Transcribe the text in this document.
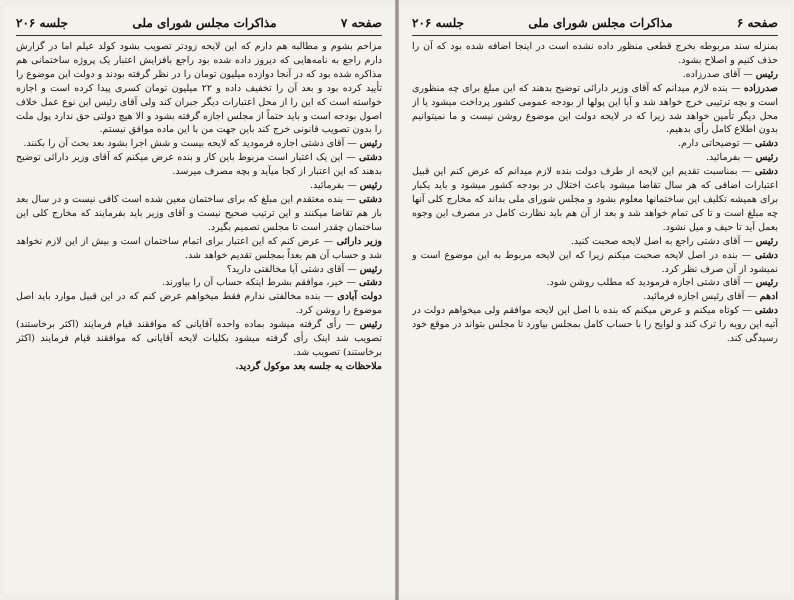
صفحه ۷
مذاکرات مجلس شورای ملی
جلسه ۲۰۶

مزاحم بشوم و مطالبه هم دارم که این لایحه زودتر تصویب بشود کولد عیلم اما در گزارش دارم راجع به نامه‌هایی که دیروز داده شده بود راجع بافزایش اعتبار یک پروژه ساختمانی هم مذاکره شده بود که در آنجا دوازده میلیون تومان را در نظر گرفته بودند و دولت این موضوع را تأیید کرده بود و بعد آن را تخفیف داده و ۲۲ میلیون تومان کسری پیدا کرده است و اجازه خواسته است که این را از محل اعتبارات دیگر جبران کند ولی آقای رئیس این نوع عمل خلاف اصول بودجه است و باید حتماً از مجلس اجازه گرفته بشود و الا هیچ دولتی حق ندارد پول ملت را بدون تصویب قانونی خرج کند باین جهت من با این ماده موافق نیستم.

رئیس — آقای دشتی اجازه فرمودید که لایحه بیست و شش اجرا بشود بعد بحث آن را بکنند.

دشتی — این یک اعتبار است مربوط باین کار و بنده عرض میکنم که آقای وزیر دارائی توضیح بدهند که این اعتبار از کجا میآید و بچه مصرف میرسد.

رئیس — بفرمائید.

دشتی — بنده معتقدم این مبلغ که برای ساختمان معین شده است کافی نیست و در سال بعد باز هم تقاضا میکنند و این ترتیب صحیح نیست و آقای وزیر باید بفرمایند که مخارج کلی این ساختمان چقدر است تا مجلس تصمیم بگیرد.

وزیر دارائی — عرض کنم که این اعتبار برای اتمام ساختمان است و بیش از این لازم نخواهد شد و حساب آن هم بعداً بمجلس تقدیم خواهد شد.

رئیس — آقای دشتی آیا مخالفتی دارید؟

دشتی — خیر، موافقم بشرط اینکه حساب آن را بیاورند.

دولت آبادی — بنده مخالفتی ندارم فقط میخواهم عرض کنم که در این قبیل موارد باید اصل موضوع را روشن کرد.

رئیس — رأی گرفته میشود بماده واحده آقایانی که موافقند قیام فرمایند (اکثر برخاستند) تصویب شد اینک رأی گرفته میشود بکلیات لایحه آقایانی که موافقند قیام فرمایند (اکثر برخاستند) تصویب شد.

ملاحظات به جلسه بعد موکول گردید.

صفحه ۶
مذاکرات مجلس شورای ملی
جلسه ۲۰۶

بمنزله سند مربوطه بخرج قطعی منظور داده نشده است در اینجا اضافه شده بود که آن را حذف کنیم و اصلاح بشود.

رئیس — آقای صدرزاده.

صدرزاده — بنده لازم میدانم که آقای وزیر دارائی توضیح بدهند که این مبلغ برای چه منظوری است و بچه ترتیبی خرج خواهد شد و آیا این پولها از بودجه عمومی کشور پرداخت میشود یا از محل دیگر تأمین خواهد شد زیرا که در لایحه دولت این موضوع روشن نیست و ما نمیتوانیم بدون اطلاع کامل رأی بدهیم.

دشتی — توضیحاتی دارم.

رئیس — بفرمائید.

دشتی — بمناسبت تقدیم این لایحه از طرف دولت بنده لازم میدانم که عرض کنم این قبیل اعتبارات اضافی که هر سال تقاضا میشود باعث اختلال در بودجه کشور میشود و باید یکبار برای همیشه تکلیف این ساختمانها معلوم بشود و مجلس شورای ملی بداند که مخارج کلی آنها چه مبلغ است و تا کی تمام خواهد شد و بعد از آن هم باید نظارت کامل در مصرف این وجوه بعمل آید تا حیف و میل نشود.

رئیس — آقای دشتی راجع به اصل لایحه صحبت کنید.

دشتی — بنده در اصل لایحه صحبت میکنم زیرا که این لایحه مربوط به این موضوع است و نمیشود از آن صرف نظر کرد.

رئیس — آقای دشتی اجازه فرمودید که مطلب روشن شود.

ادهم — آقای رئیس اجازه فرمائید.

دشتی — کوتاه میکنم و عرض میکنم که بنده با اصل این لایحه موافقم ولی میخواهم دولت در آتیه این رویه را ترک کند و لوایح را با حساب کامل بمجلس بیاورد تا مجلس بتواند در موقع خود رسیدگی کند.
